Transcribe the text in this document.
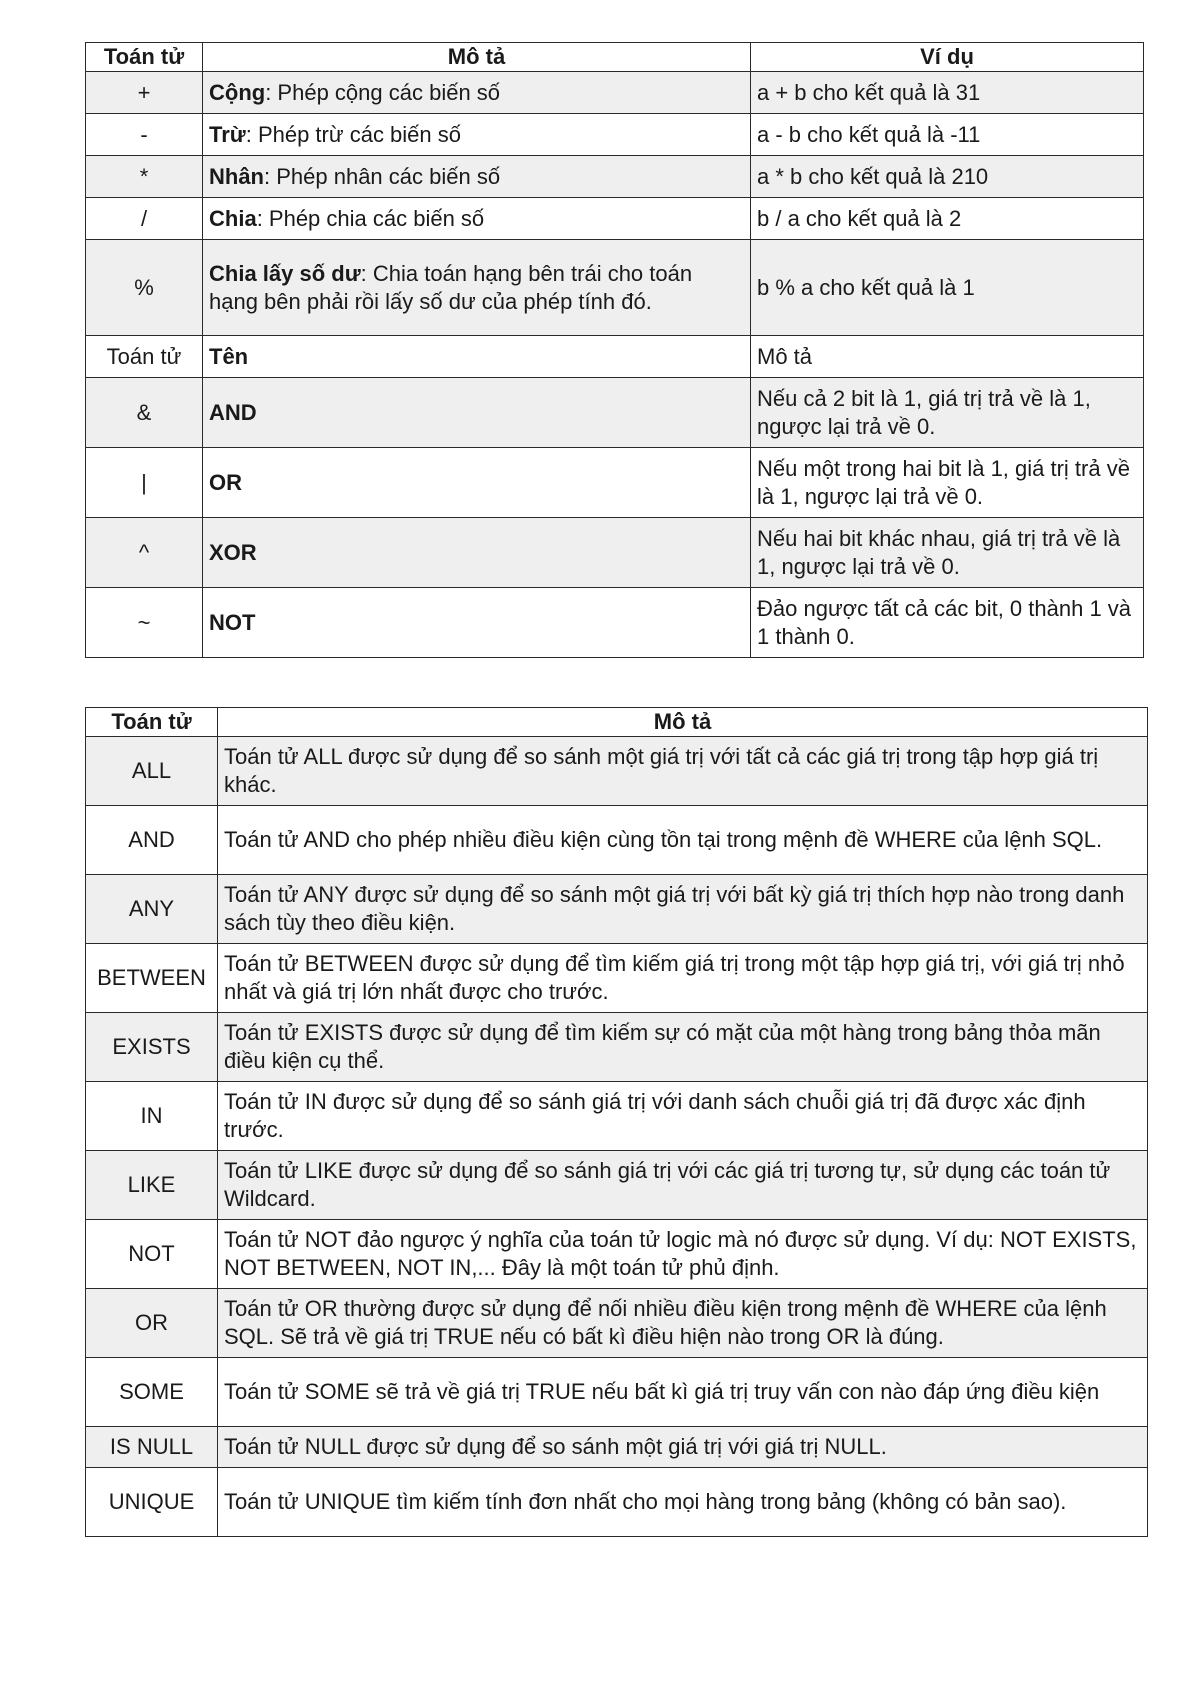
Toán tử	Mô tả	Ví dụ
+	Cộng: Phép cộng các biến số	a + b cho kết quả là 31
-	Trừ: Phép trừ các biến số	a - b cho kết quả là -11
*	Nhân: Phép nhân các biến số	a * b cho kết quả là 210
/	Chia: Phép chia các biến số	b / a cho kết quả là 2
%	Chia lấy số dư: Chia toán hạng bên trái cho toán hạng bên phải rồi lấy số dư của phép tính đó.	b % a cho kết quả là 1
Toán tử	Tên	Mô tả
&	AND	Nếu cả 2 bit là 1, giá trị trả về là 1, ngược lại trả về 0.
|	OR	Nếu một trong hai bit là 1, giá trị trả về là 1, ngược lại trả về 0.
^	XOR	Nếu hai bit khác nhau, giá trị trả về là 1, ngược lại trả về 0.
~	NOT	Đảo ngược tất cả các bit, 0 thành 1 và 1 thành 0.
Toán tử	Mô tả
ALL	Toán tử ALL được sử dụng để so sánh một giá trị với tất cả các giá trị trong tập hợp giá trị khác.
AND	Toán tử AND cho phép nhiều điều kiện cùng tồn tại trong mệnh đề WHERE của lệnh SQL.
ANY	Toán tử ANY được sử dụng để so sánh một giá trị với bất kỳ giá trị thích hợp nào trong danh sách tùy theo điều kiện.
BETWEEN	Toán tử BETWEEN được sử dụng để tìm kiếm giá trị trong một tập hợp giá trị, với giá trị nhỏ nhất và giá trị lớn nhất được cho trước.
EXISTS	Toán tử EXISTS được sử dụng để tìm kiếm sự có mặt của một hàng trong bảng thỏa mãn điều kiện cụ thể.
IN	Toán tử IN được sử dụng để so sánh giá trị với danh sách chuỗi giá trị đã được xác định trước.
LIKE	Toán tử LIKE được sử dụng để so sánh giá trị với các giá trị tương tự, sử dụng các toán tử Wildcard.
NOT	Toán tử NOT đảo ngược ý nghĩa của toán tử logic mà nó được sử dụng. Ví dụ: NOT EXISTS, NOT BETWEEN, NOT IN,... Đây là một toán tử phủ định.
OR	Toán tử OR thường được sử dụng để nối nhiều điều kiện trong mệnh đề WHERE của lệnh SQL. Sẽ trả về giá trị TRUE nếu có bất kì điều hiện nào trong OR là đúng.
SOME	Toán tử SOME sẽ trả về giá trị TRUE nếu bất kì giá trị truy vấn con nào đáp ứng điều kiện
IS NULL	Toán tử NULL được sử dụng để so sánh một giá trị với giá trị NULL.
UNIQUE	Toán tử UNIQUE tìm kiếm tính đơn nhất cho mọi hàng trong bảng (không có bản sao).
